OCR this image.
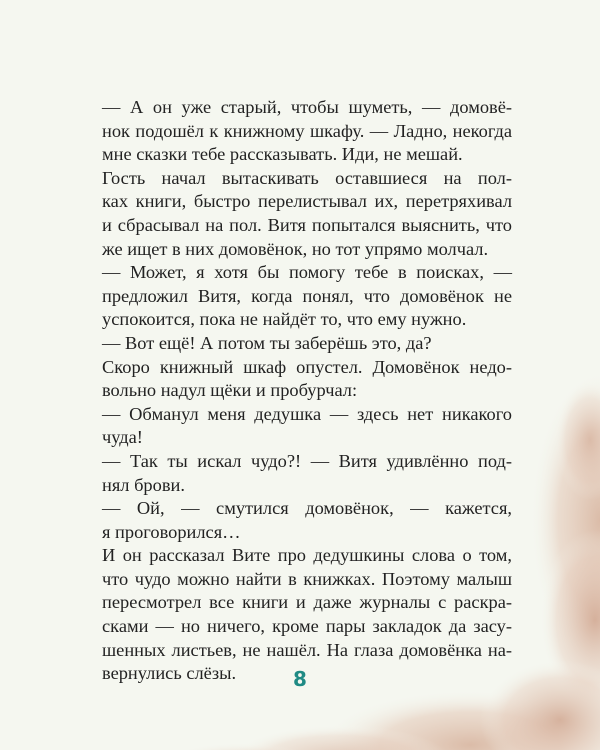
— А он уже старый, чтобы шуметь, — домовё-
нок подошёл к книжному шкафу. — Ладно, некогда
мне сказки тебе рассказывать. Иди, не мешай.
Гость начал вытаскивать оставшиеся на пол-
ках книги, быстро перелистывал их, перетряхивал
и сбрасывал на пол. Витя попытался выяснить, что
же ищет в них домовёнок, но тот упрямо молчал.
— Может, я хотя бы помогу тебе в поисках, —
предложил Витя, когда понял, что домовёнок не
успокоится, пока не найдёт то, что ему нужно.
— Вот ещё! А потом ты заберёшь это, да?
Скоро книжный шкаф опустел. Домовёнок недо-
вольно надул щёки и пробурчал:
— Обманул меня дедушка — здесь нет никакого
чуда!
— Так ты искал чудо?! — Витя удивлённо под-
нял брови.
— Ой, — смутился домовёнок, — кажется,
я проговорился…
И он рассказал Вите про дедушкины слова о том,
что чудо можно найти в книжках. Поэтому малыш
пересмотрел все книги и даже журналы с раскра-
сками — но ничего, кроме пары закладок да засу-
шенных листьев, не нашёл. На глаза домовёнка на-
вернулись слёзы.	8
